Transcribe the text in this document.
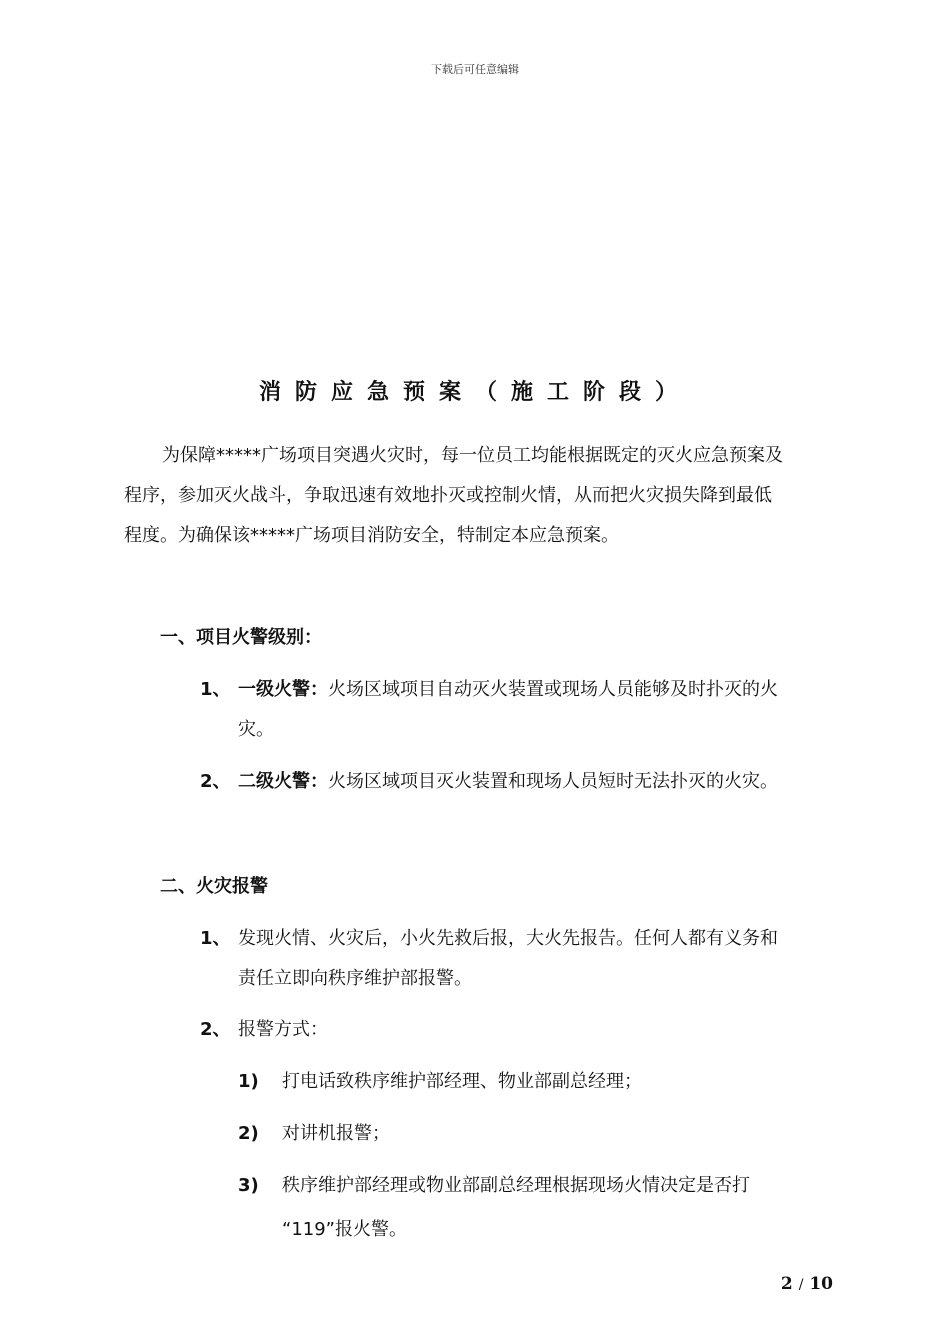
下载后可任意编辑
消防应急预案（施工阶段）
为保障*****广场项目突遇火灾时，每一位员工均能根据既定的灭火应急预案及
程序，参加灭火战斗，争取迅速有效地扑灭或控制火情，从而把火灾损失降到最低
程度。为确保该*****广场项目消防安全，特制定本应急预案。
一、项目火警级别：
1、 一级火警：火场区域项目自动灭火装置或现场人员能够及时扑灭的火
灾。
2、 二级火警：火场区域项目灭火装置和现场人员短时无法扑灭的火灾。
二、火灾报警
1、 发现火情、火灾后，小火先救后报，大火先报告。任何人都有义务和
责任立即向秩序维护部报警。
2、 报警方式：
1) 打电话致秩序维护部经理、物业部副总经理；
2) 对讲机报警；
3) 秩序维护部经理或物业部副总经理根据现场火情决定是否打
“119”报火警。
2 / 10
